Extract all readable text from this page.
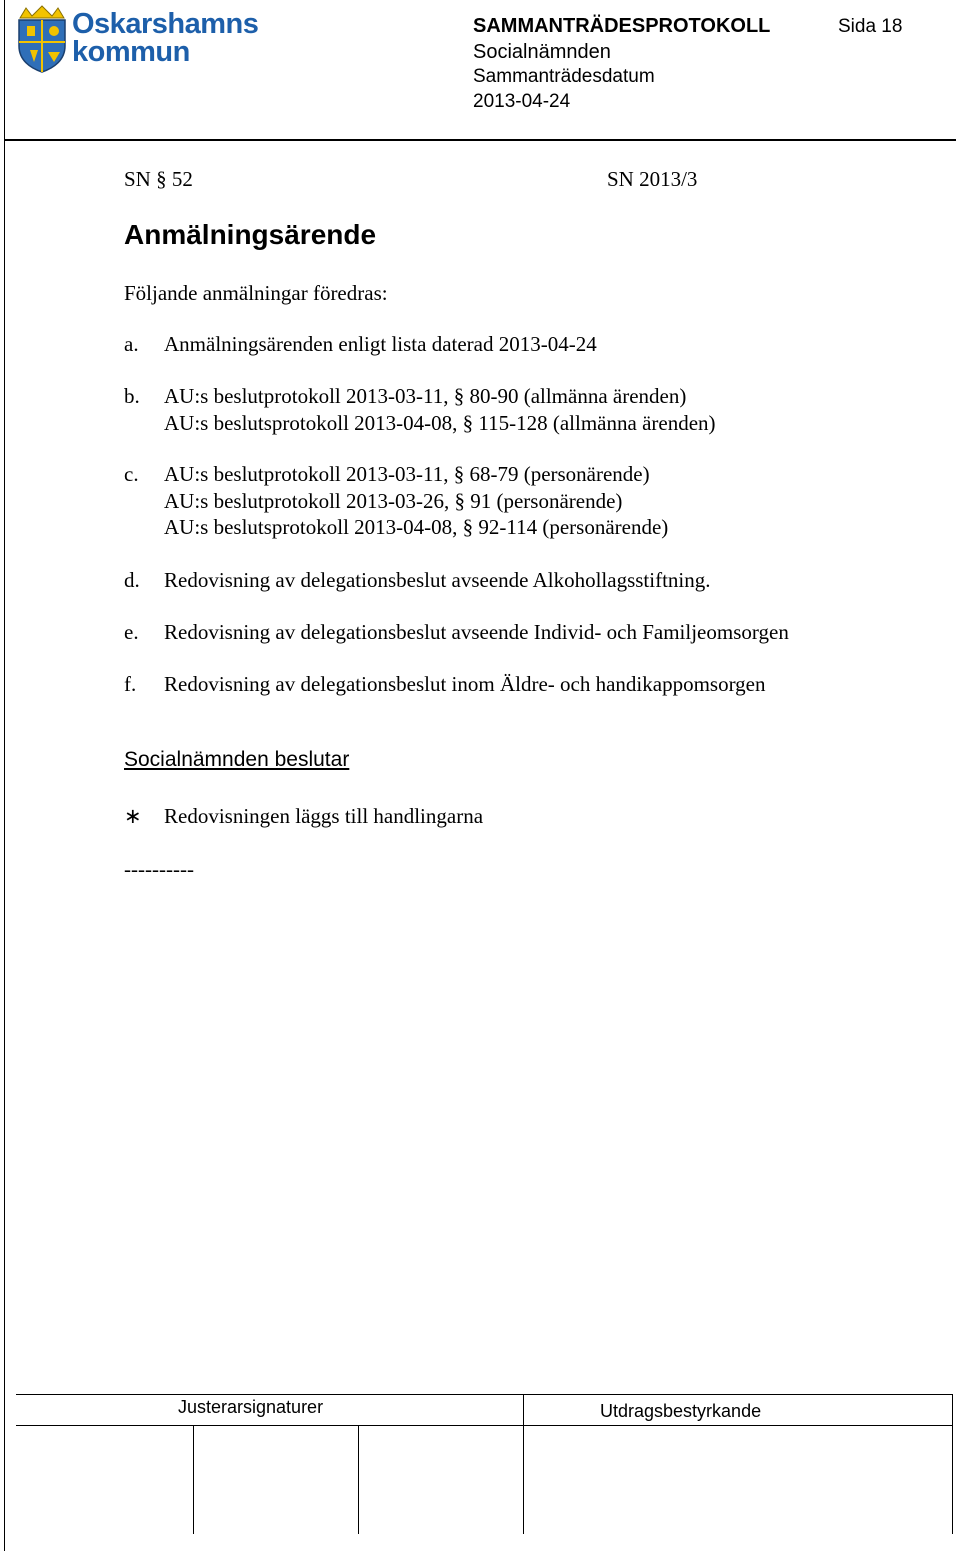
Oskarshamns
kommun
SAMMANTRÄDESPROTOKOLL	Sida 18
Socialnämnden
Sammanträdesdatum
2013-04-24
SN § 52	SN 2013/3
Anmälningsärende
Följande anmälningar föredras:
a. Anmälningsärenden enligt lista daterad 2013-04-24
b. AU:s beslutprotokoll 2013-03-11, § 80-90 (allmänna ärenden)
AU:s beslutsprotokoll 2013-04-08, § 115-128 (allmänna ärenden)
c. AU:s beslutprotokoll 2013-03-11, § 68-79 (personärende)
AU:s beslutprotokoll 2013-03-26, § 91 (personärende)
AU:s beslutsprotokoll 2013-04-08, § 92-114 (personärende)
d. Redovisning av delegationsbeslut avseende Alkohollagsstiftning.
e. Redovisning av delegationsbeslut avseende Individ- och Familjeomsorgen
f. Redovisning av delegationsbeslut inom Äldre- och handikappomsorgen
Socialnämnden beslutar
∗ Redovisningen läggs till handlingarna
----------
Justerarsignaturer	Utdragsbestyrkande
